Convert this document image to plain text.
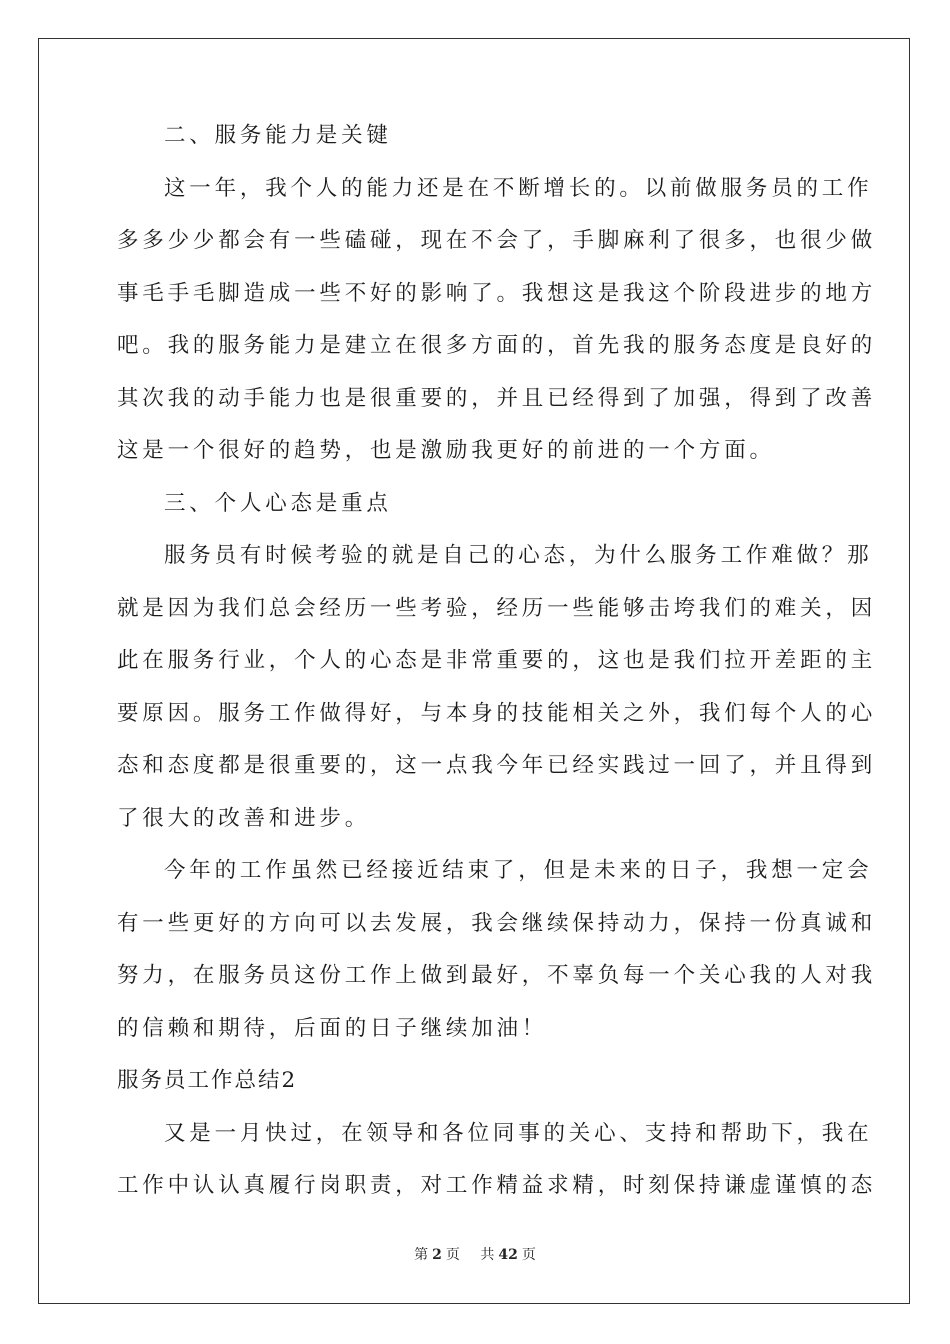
二、服务能力是关键
这一年，我个人的能力还是在不断增长的。以前做服务员的工作
多多少少都会有一些磕碰，现在不会了，手脚麻利了很多，也很少做
事毛手毛脚造成一些不好的影响了。我想这是我这个阶段进步的地方
吧。我的服务能力是建立在很多方面的，首先我的服务态度是良好的
其次我的动手能力也是很重要的，并且已经得到了加强，得到了改善
这是一个很好的趋势，也是激励我更好的前进的一个方面。
三、个人心态是重点
服务员有时候考验的就是自己的心态，为什么服务工作难做？那
就是因为我们总会经历一些考验，经历一些能够击垮我们的难关，因
此在服务行业，个人的心态是非常重要的，这也是我们拉开差距的主
要原因。服务工作做得好，与本身的技能相关之外，我们每个人的心
态和态度都是很重要的，这一点我今年已经实践过一回了，并且得到
了很大的改善和进步。
今年的工作虽然已经接近结束了，但是未来的日子，我想一定会
有一些更好的方向可以去发展，我会继续保持动力，保持一份真诚和
努力，在服务员这份工作上做到最好，不辜负每一个关心我的人对我
的信赖和期待，后面的日子继续加油！
服务员工作总结2
又是一月快过，在领导和各位同事的关心、支持和帮助下，我在
工作中认认真履行岗职责，对工作精益求精，时刻保持谦虚谨慎的态
第 2 页 共 42 页
